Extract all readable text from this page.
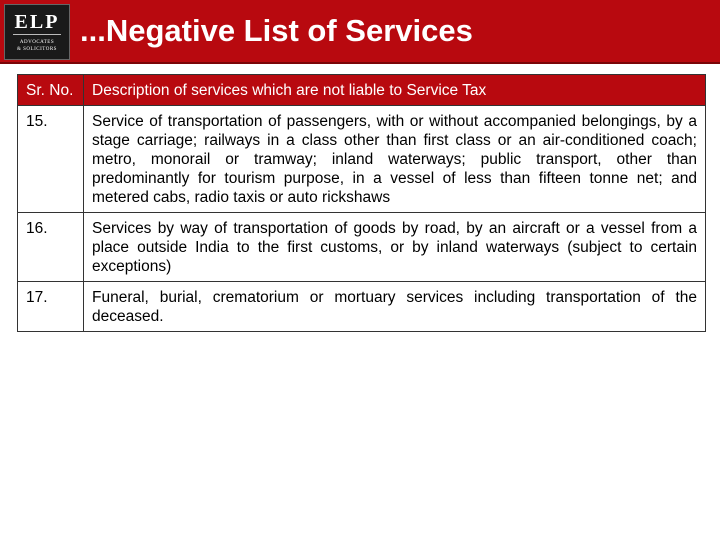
ELP
ADVOCATES
& SOLICITORS
...Negative List of Services
Sr. No.	Description of services which are not liable to Service Tax
15.	Service of transportation of passengers, with or without accompanied belongings, by a stage carriage; railways in a class other than first class or an air-conditioned coach; metro, monorail or tramway; inland waterways; public transport, other than predominantly for tourism purpose, in a vessel of less than fifteen tonne net; and metered cabs, radio taxis or auto rickshaws
16.	Services by way of transportation of goods by road, by an aircraft or a vessel from a place outside India to the first customs, or by inland waterways (subject to certain exceptions)
17.	Funeral, burial, crematorium or mortuary services including transportation of the deceased.
